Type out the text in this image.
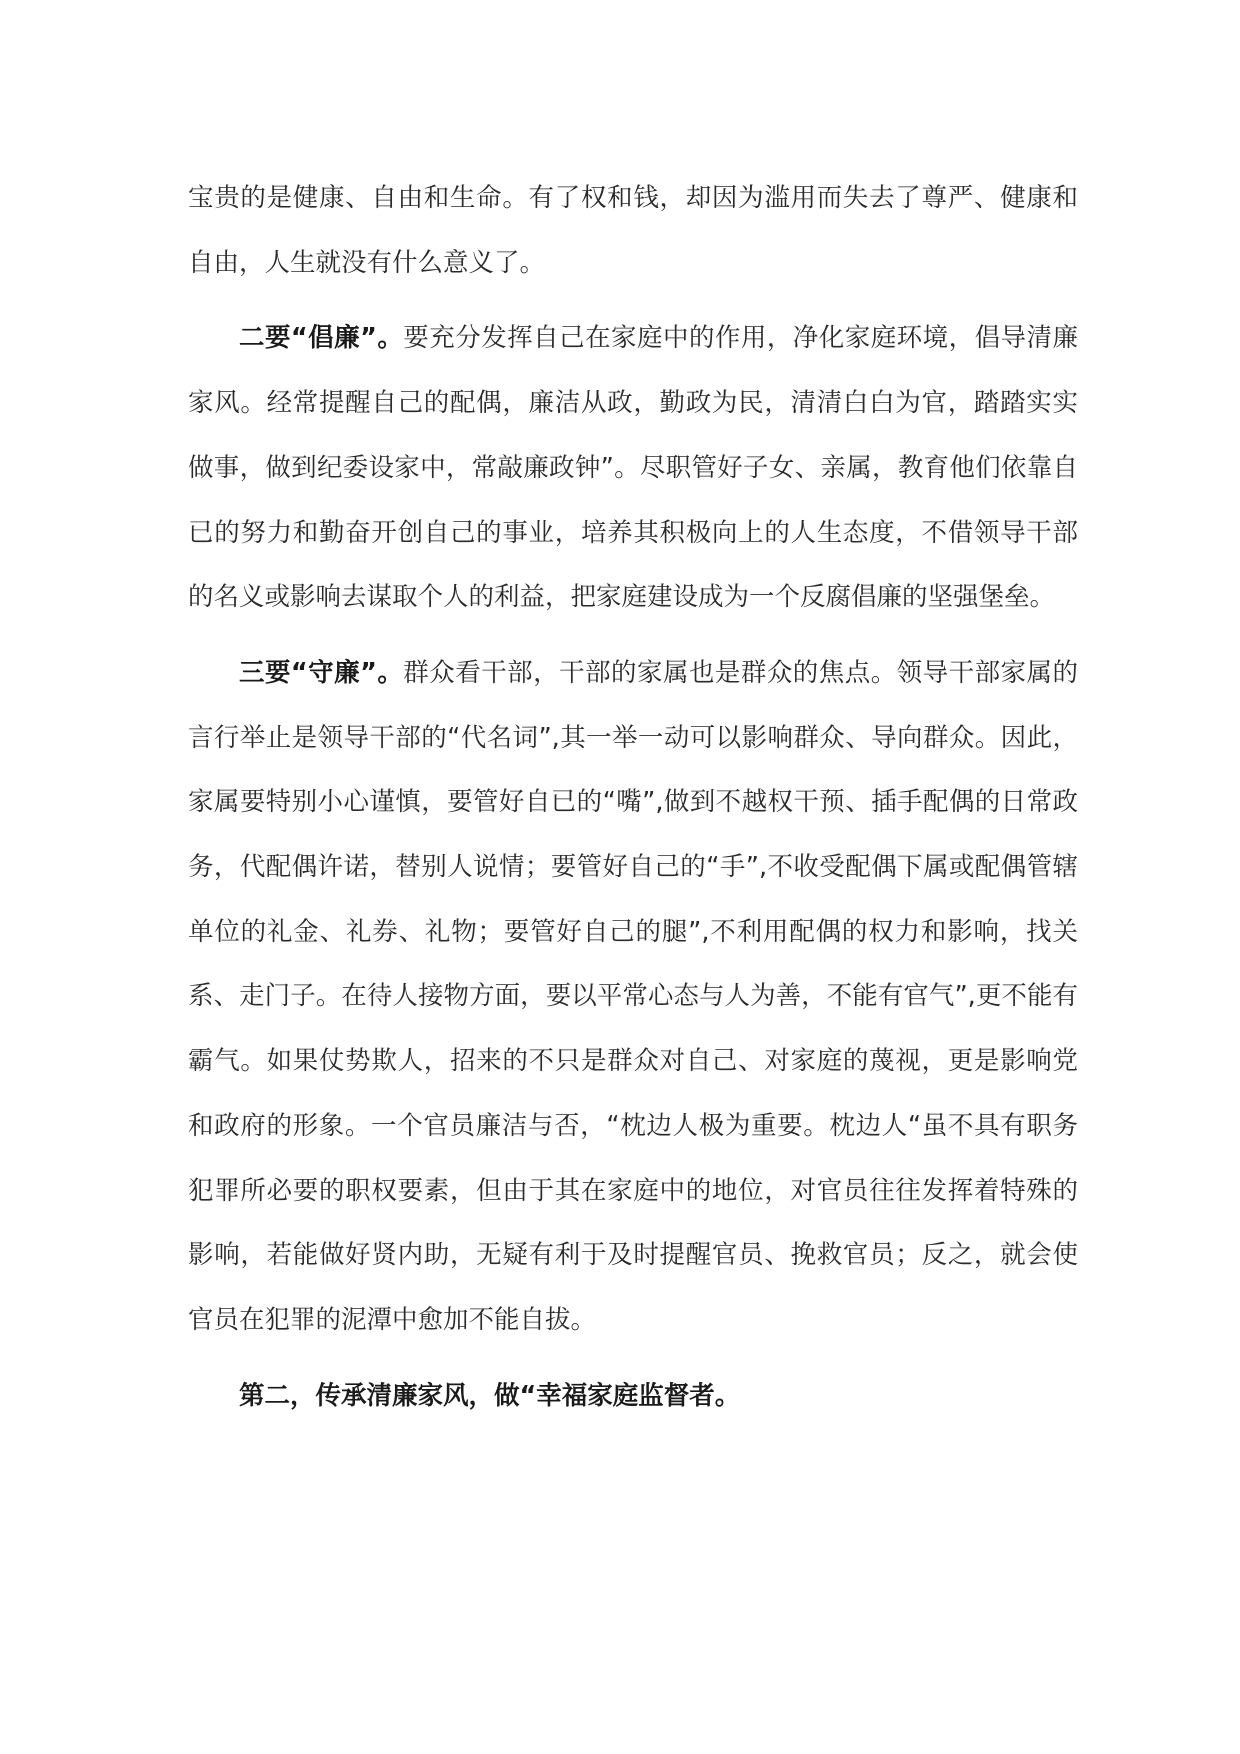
宝贵的是健康、自由和生命。有了权和钱，却因为滥用而失去了尊严、健康和自由，人生就没有什么意义了。

二要“倡廉”。要充分发挥自己在家庭中的作用，净化家庭环境，倡导清廉家风。经常提醒自己的配偶，廉洁从政，勤政为民，清清白白为官，踏踏实实做事，做到纪委设家中，常敲廉政钟”。尽职管好子女、亲属，教育他们依靠自已的努力和勤奋开创自己的事业，培养其积极向上的人生态度，不借领导干部的名义或影响去谋取个人的利益，把家庭建设成为一个反腐倡廉的坚强堡垒。

三要“守廉”。群众看干部，干部的家属也是群众的焦点。领导干部家属的言行举止是领导干部的“代名词”,其一举一动可以影响群众、导向群众。因此，家属要特别小心谨慎，要管好自已的“嘴”,做到不越权干预、插手配偶的日常政务，代配偶许诺，替别人说情；要管好自己的“手”,不收受配偶下属或配偶管辖单位的礼金、礼券、礼物；要管好自己的腿”,不利用配偶的权力和影响，找关系、走门子。在待人接物方面，要以平常心态与人为善，不能有官气”,更不能有霸气。如果仗势欺人，招来的不只是群众对自己、对家庭的蔑视，更是影响党和政府的形象。一个官员廉洁与否，“枕边人极为重要。枕边人“虽不具有职务犯罪所必要的职权要素，但由于其在家庭中的地位，对官员往往发挥着特殊的影响，若能做好贤内助，无疑有利于及时提醒官员、挽救官员；反之，就会使官员在犯罪的泥潭中愈加不能自拔。

第二，传承清廉家风，做“幸福家庭监督者。
